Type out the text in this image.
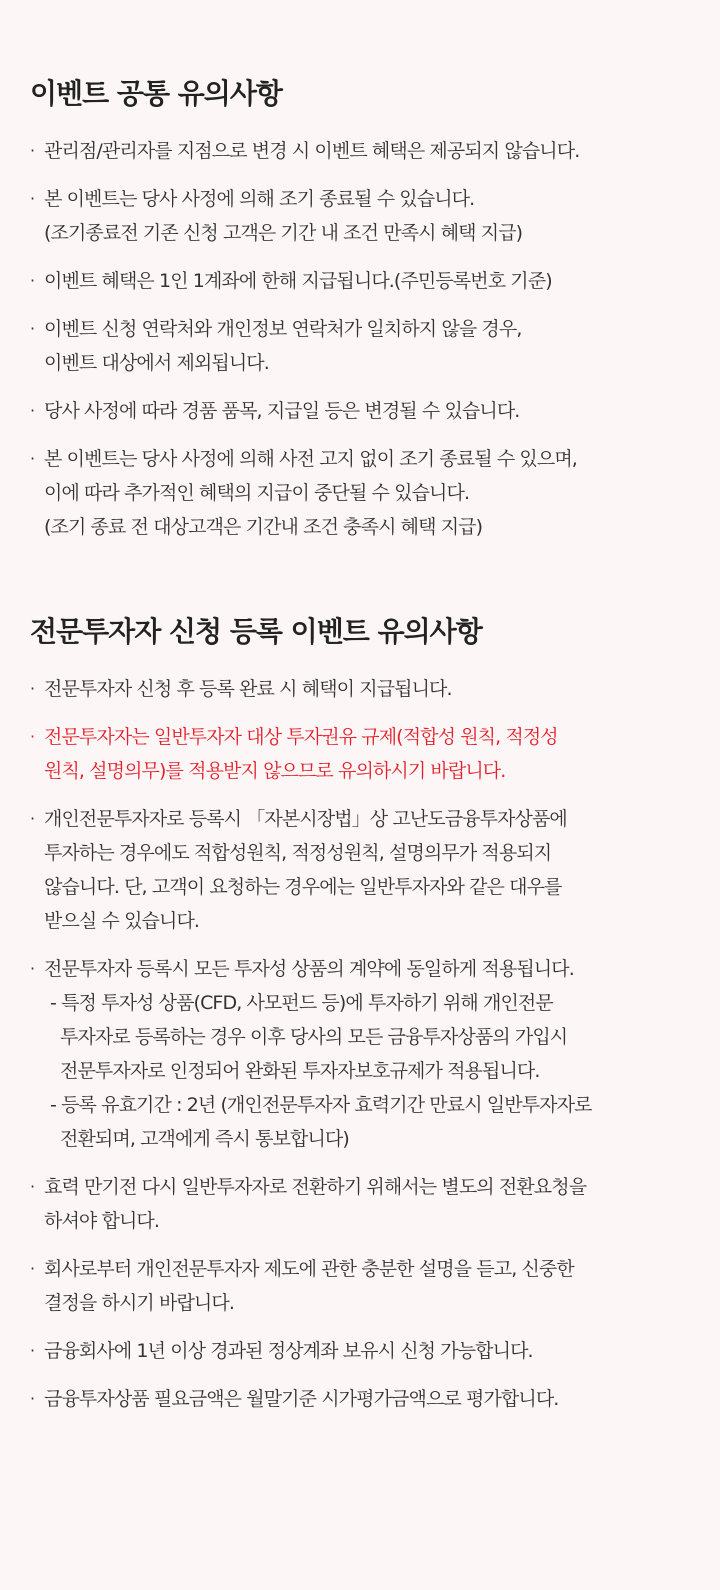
이벤트 공통 유의사항
· 관리점/관리자를 지점으로 변경 시 이벤트 혜택은 제공되지 않습니다.
· 본 이벤트는 당사 사정에 의해 조기 종료될 수 있습니다.
(조기종료전 기존 신청 고객은 기간 내 조건 만족시 혜택 지급)
· 이벤트 혜택은 1인 1계좌에 한해 지급됩니다.(주민등록번호 기준)
· 이벤트 신청 연락처와 개인정보 연락처가 일치하지 않을 경우,
이벤트 대상에서 제외됩니다.
· 당사 사정에 따라 경품 품목, 지급일 등은 변경될 수 있습니다.
· 본 이벤트는 당사 사정에 의해 사전 고지 없이 조기 종료될 수 있으며,
이에 따라 추가적인 혜택의 지급이 중단될 수 있습니다.
(조기 종료 전 대상고객은 기간내 조건 충족시 혜택 지급)
전문투자자 신청 등록 이벤트 유의사항
· 전문투자자 신청 후 등록 완료 시 혜택이 지급됩니다.
· 전문투자자는 일반투자자 대상 투자권유 규제(적합성 원칙, 적정성
원칙, 설명의무)를 적용받지 않으므로 유의하시기 바랍니다.
· 개인전문투자자로 등록시 「자본시장법」상 고난도금융투자상품에
투자하는 경우에도 적합성원칙, 적정성원칙, 설명의무가 적용되지
않습니다. 단, 고객이 요청하는 경우에는 일반투자자와 같은 대우를
받으실 수 있습니다.
· 전문투자자 등록시 모든 투자성 상품의 계약에 동일하게 적용됩니다.
- 특정 투자성 상품(CFD, 사모펀드 등)에 투자하기 위해 개인전문
투자자로 등록하는 경우 이후 당사의 모든 금융투자상품의 가입시
전문투자자로 인정되어 완화된 투자자보호규제가 적용됩니다.
- 등록 유효기간 : 2년 (개인전문투자자 효력기간 만료시 일반투자자로
전환되며, 고객에게 즉시 통보합니다)
· 효력 만기전 다시 일반투자자로 전환하기 위해서는 별도의 전환요청을
하셔야 합니다.
· 회사로부터 개인전문투자자 제도에 관한 충분한 설명을 듣고, 신중한
결정을 하시기 바랍니다.
· 금융회사에 1년 이상 경과된 정상계좌 보유시 신청 가능합니다.
· 금융투자상품 필요금액은 월말기준 시가평가금액으로 평가합니다.
